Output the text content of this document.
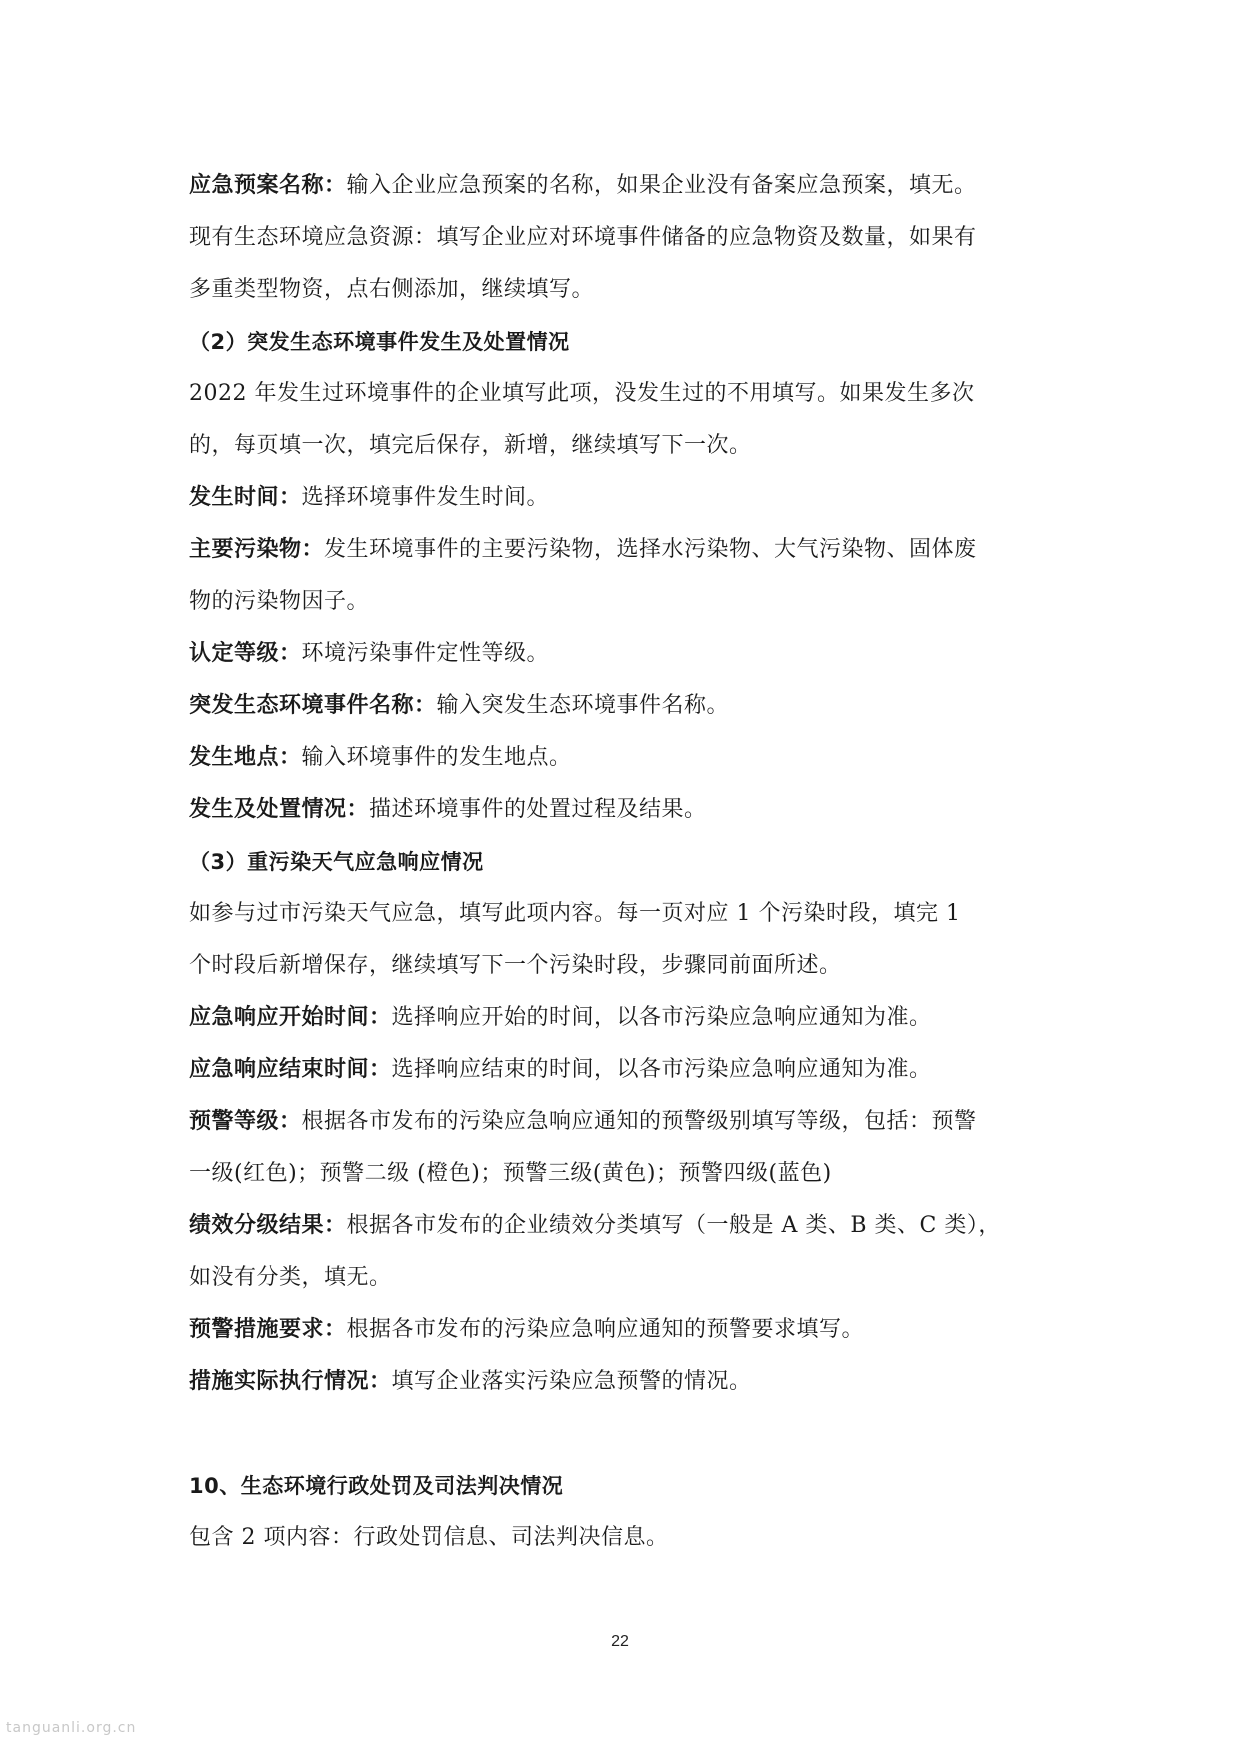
应急预案名称：输入企业应急预案的名称，如果企业没有备案应急预案，填无。
现有生态环境应急资源：填写企业应对环境事件储备的应急物资及数量，如果有
多重类型物资，点右侧添加，继续填写。
（2）突发生态环境事件发生及处置情况
2022 年发生过环境事件的企业填写此项，没发生过的不用填写。如果发生多次
的，每页填一次，填完后保存，新增，继续填写下一次。
发生时间：选择环境事件发生时间。
主要污染物：发生环境事件的主要污染物，选择水污染物、大气污染物、固体废
物的污染物因子。
认定等级：环境污染事件定性等级。
突发生态环境事件名称：输入突发生态环境事件名称。
发生地点：输入环境事件的发生地点。
发生及处置情况：描述环境事件的处置过程及结果。
（3）重污染天气应急响应情况
如参与过市污染天气应急，填写此项内容。每一页对应 1 个污染时段，填完 1
个时段后新增保存，继续填写下一个污染时段，步骤同前面所述。
应急响应开始时间：选择响应开始的时间，以各市污染应急响应通知为准。
应急响应结束时间：选择响应结束的时间，以各市污染应急响应通知为准。
预警等级：根据各市发布的污染应急响应通知的预警级别填写等级，包括：预警
一级(红色)；预警二级 (橙色)；预警三级(黄色)；预警四级(蓝色)
绩效分级结果：根据各市发布的企业绩效分类填写（一般是 A 类、B 类、C 类），
如没有分类，填无。
预警措施要求：根据各市发布的污染应急响应通知的预警要求填写。
措施实际执行情况：填写企业落实污染应急预警的情况。
10、生态环境行政处罚及司法判决情况
包含 2 项内容：行政处罚信息、司法判决信息。
22
tanguanli.org.cn
